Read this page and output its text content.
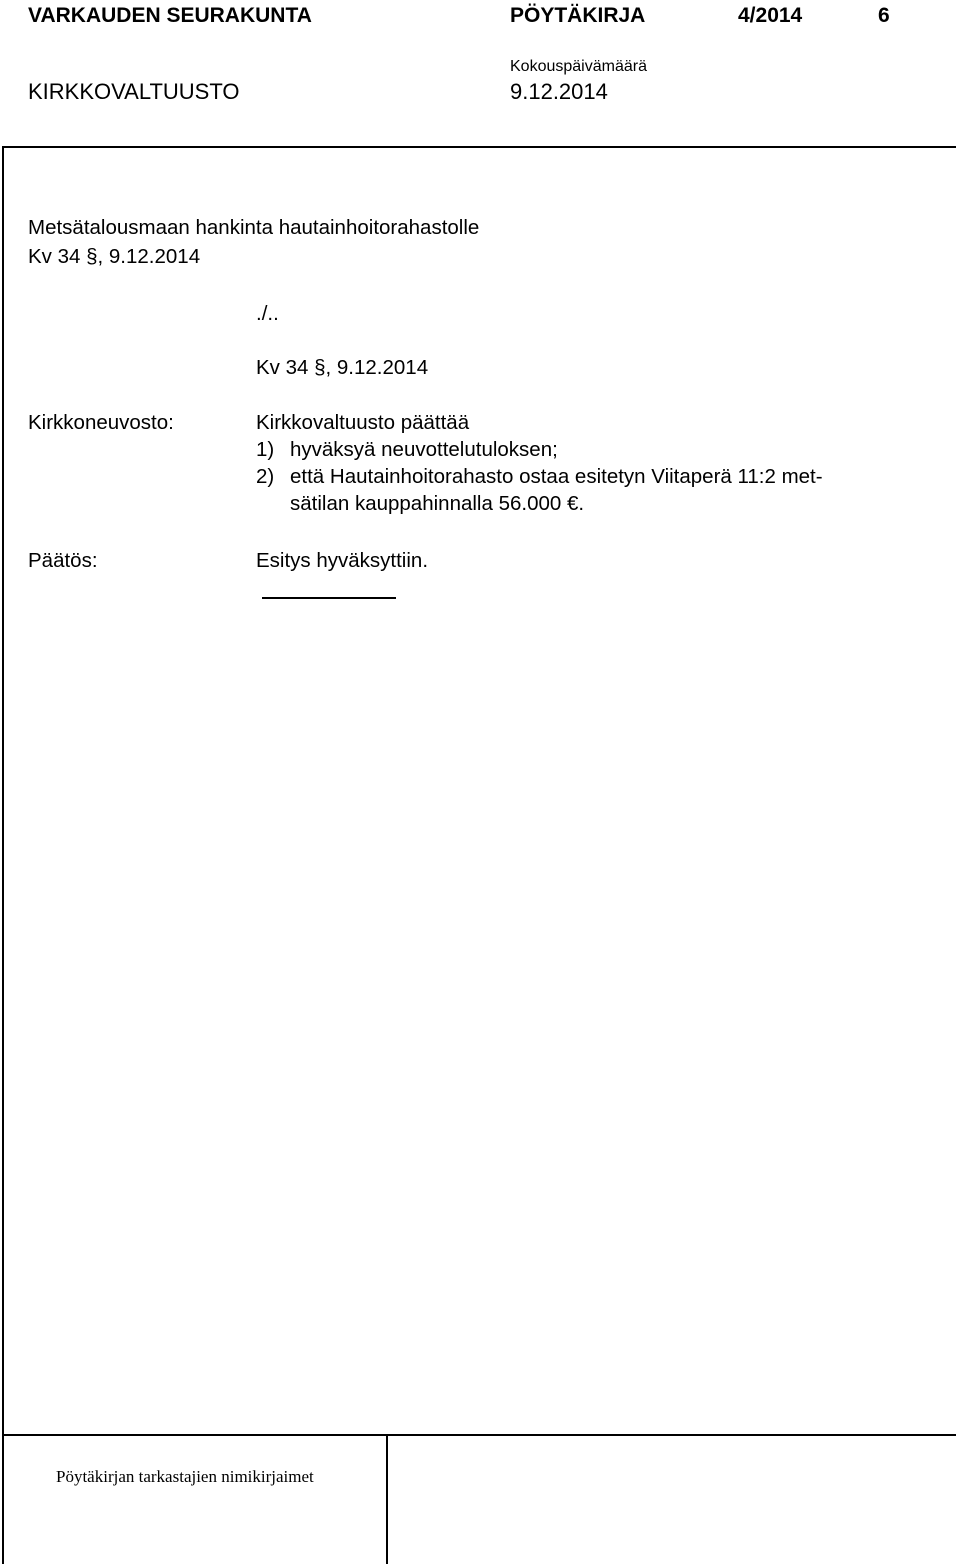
VARKAUDEN SEURAKUNTA	PÖYTÄKIRJA	4/2014	6
Kokouspäivämäärä
KIRKKOVALTUUSTO	9.12.2014
Metsätalousmaan hankinta hautainhoitorahastolle
Kv 34 §, 9.12.2014
./..
Kv 34 §, 9.12.2014
Kirkkoneuvosto:	Kirkkovaltuusto päättää
1) hyväksyä neuvottelutuloksen;
2) että Hautainhoitorahasto ostaa esitetyn Viitaperä 11:2 met-
sätilan kauppahinnalla 56.000 €.
Päätös:	Esitys hyväksyttiin.
Pöytäkirjan tarkastajien nimikirjaimet
